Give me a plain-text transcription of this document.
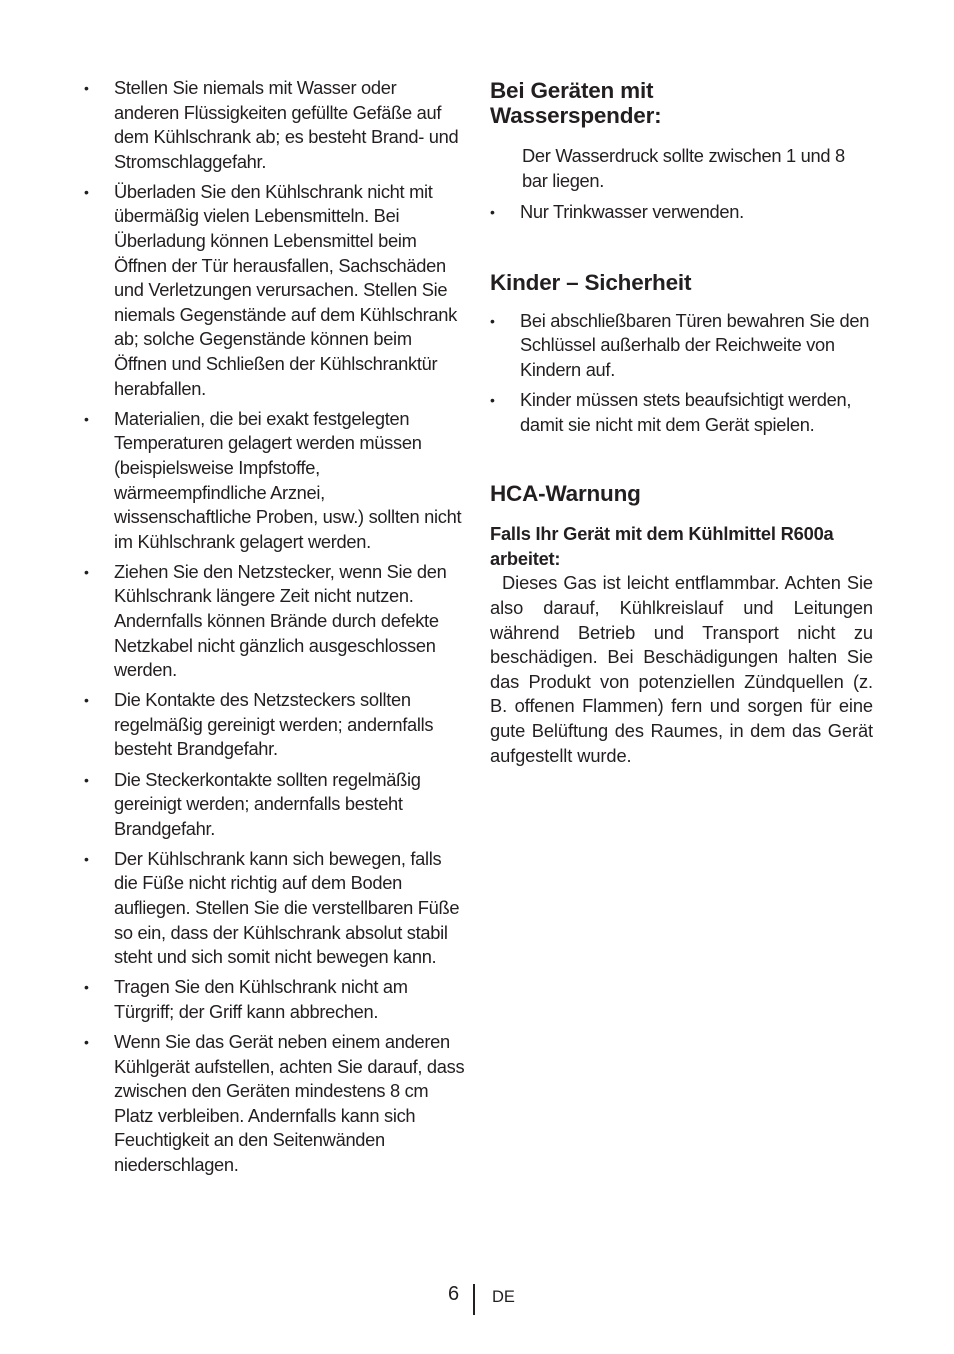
•	Stellen Sie niemals mit Wasser oder anderen Flüssigkeiten gefüllte Gefäße auf dem Kühlschrank ab; es besteht Brand- und Stromschlaggefahr.
•	Überladen Sie den Kühlschrank nicht mit übermäßig vielen Lebensmitteln. Bei Überladung können Lebensmittel beim Öffnen der Tür herausfallen, Sachschäden und Verletzungen verursachen. Stellen Sie niemals Gegenstände auf dem Kühlschrank ab; solche Gegenstände können beim Öffnen und Schließen der Kühlschranktür herabfallen.
•	Materialien, die bei exakt festgelegten Temperaturen gelagert werden müssen (beispielsweise Impfstoffe, wärmeempfindliche Arznei, wissenschaftliche Proben, usw.) sollten nicht im Kühlschrank gelagert werden.
•	Ziehen Sie den Netzstecker, wenn Sie den Kühlschrank längere Zeit nicht nutzen. Andernfalls können Brände durch defekte Netzkabel nicht gänzlich ausgeschlossen werden.
•	Die Kontakte des Netzsteckers sollten regelmäßig gereinigt werden; andernfalls besteht Brandgefahr.
•	Die Steckerkontakte sollten regelmäßig gereinigt werden; andernfalls besteht Brandgefahr.
•	Der Kühlschrank kann sich bewegen, falls die Füße nicht richtig auf dem Boden aufliegen. Stellen Sie die verstellbaren Füße so ein, dass der Kühlschrank absolut stabil steht und sich somit nicht bewegen kann.
•	Tragen Sie den Kühlschrank nicht am Türgriff; der Griff kann abbrechen.
•	Wenn Sie das Gerät neben einem anderen Kühlgerät aufstellen, achten Sie darauf, dass zwischen den Geräten mindestens 8 cm Platz verbleiben. Andernfalls kann sich Feuchtigkeit an den Seitenwänden niederschlagen.
Bei Geräten mit Wasserspender:
Der Wasserdruck sollte zwischen 1 und 8 bar liegen.
•	Nur Trinkwasser verwenden.
Kinder – Sicherheit
•	Bei abschließbaren Türen bewahren Sie den Schlüssel außerhalb der Reichweite von Kindern auf.
•	Kinder müssen stets beaufsichtigt werden, damit sie nicht mit dem Gerät spielen.
HCA-Warnung

Falls Ihr Gerät mit dem Kühlmittel R600a arbeitet:

Dieses Gas ist leicht entflammbar. Achten Sie also darauf, Kühlkreislauf und Leitungen während Betrieb und Transport nicht zu beschädigen. Bei Beschädigungen halten Sie das Produkt von potenziellen Zündquellen (z. B. offenen Flammen) fern und sorgen für eine gute Belüftung des Raumes, in dem das Gerät aufgestellt wurde.

6 DE
